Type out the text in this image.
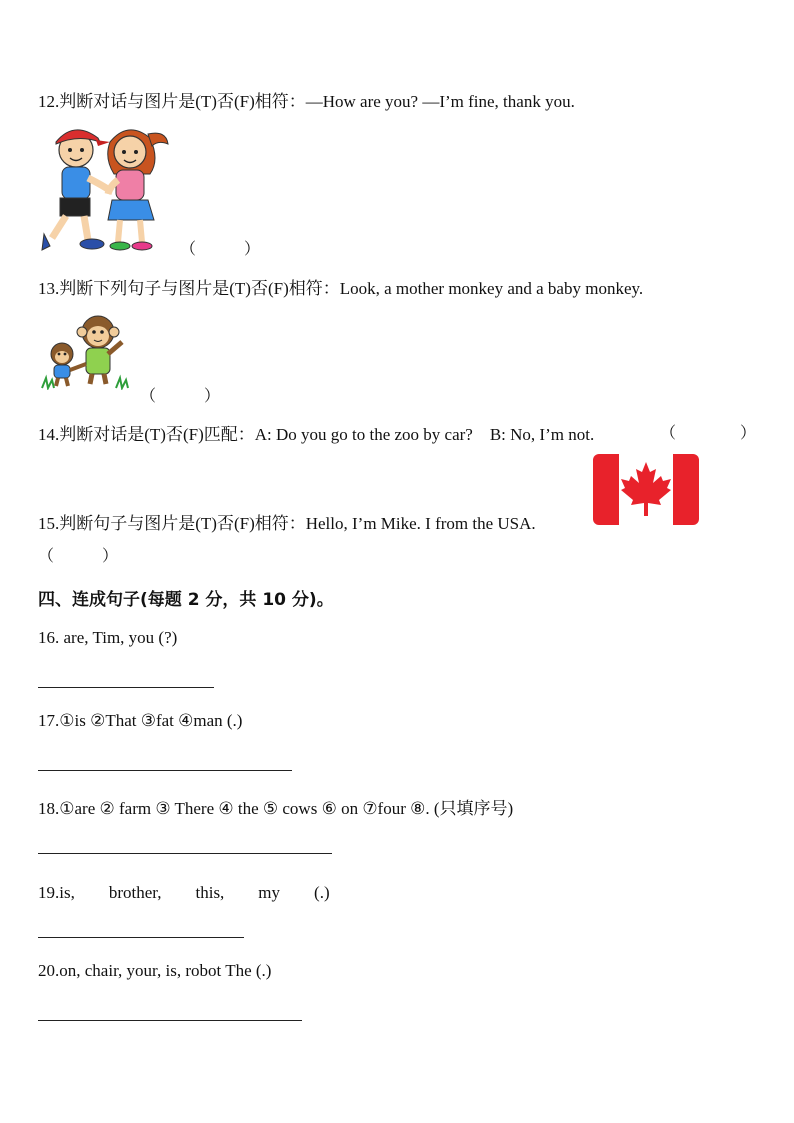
12.判断对话与图片是(T)否(F)相符：—How are you? —I’m fine, thank you.
（　　　）
13.判断下列句子与图片是(T)否(F)相符：Look, a mother monkey and a baby monkey.
（　　　）
14.判断对话是(T)否(F)匹配：A: Do you go to the zoo by car?　B: No, I’m not.	（　　　　）
15.判断句子与图片是(T)否(F)相符：Hello, I’m Mike. I from the USA.
（　　　）
四、连成句子(每题 2 分，共 10 分)。
16. are, Tim, you (?)
17.①is ②That ③fat ④man (.)
18.①are ② farm ③ There ④ the ⑤ cows ⑥ on ⑦four ⑧. (只填序号)
19.is,　　brother,　　this,　　my　　(.)
20.on, chair, your, is, robot The (.)
